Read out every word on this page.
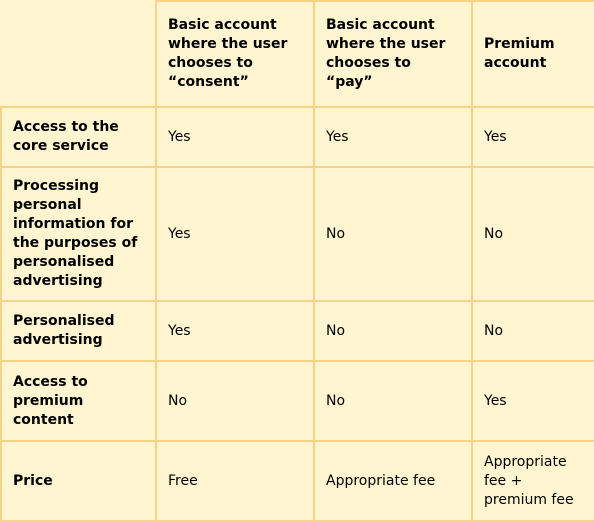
	Basic account where the user chooses to “consent”	Basic account where the user chooses to “pay”	Premium account
Access to the core service	Yes	Yes	Yes
Processing personal information for the purposes of personalised advertising	Yes	No	No
Personalised advertising	Yes	No	No
Access to premium content	No	No	Yes
Price	Free	Appropriate fee	Appropriate fee + premium fee
